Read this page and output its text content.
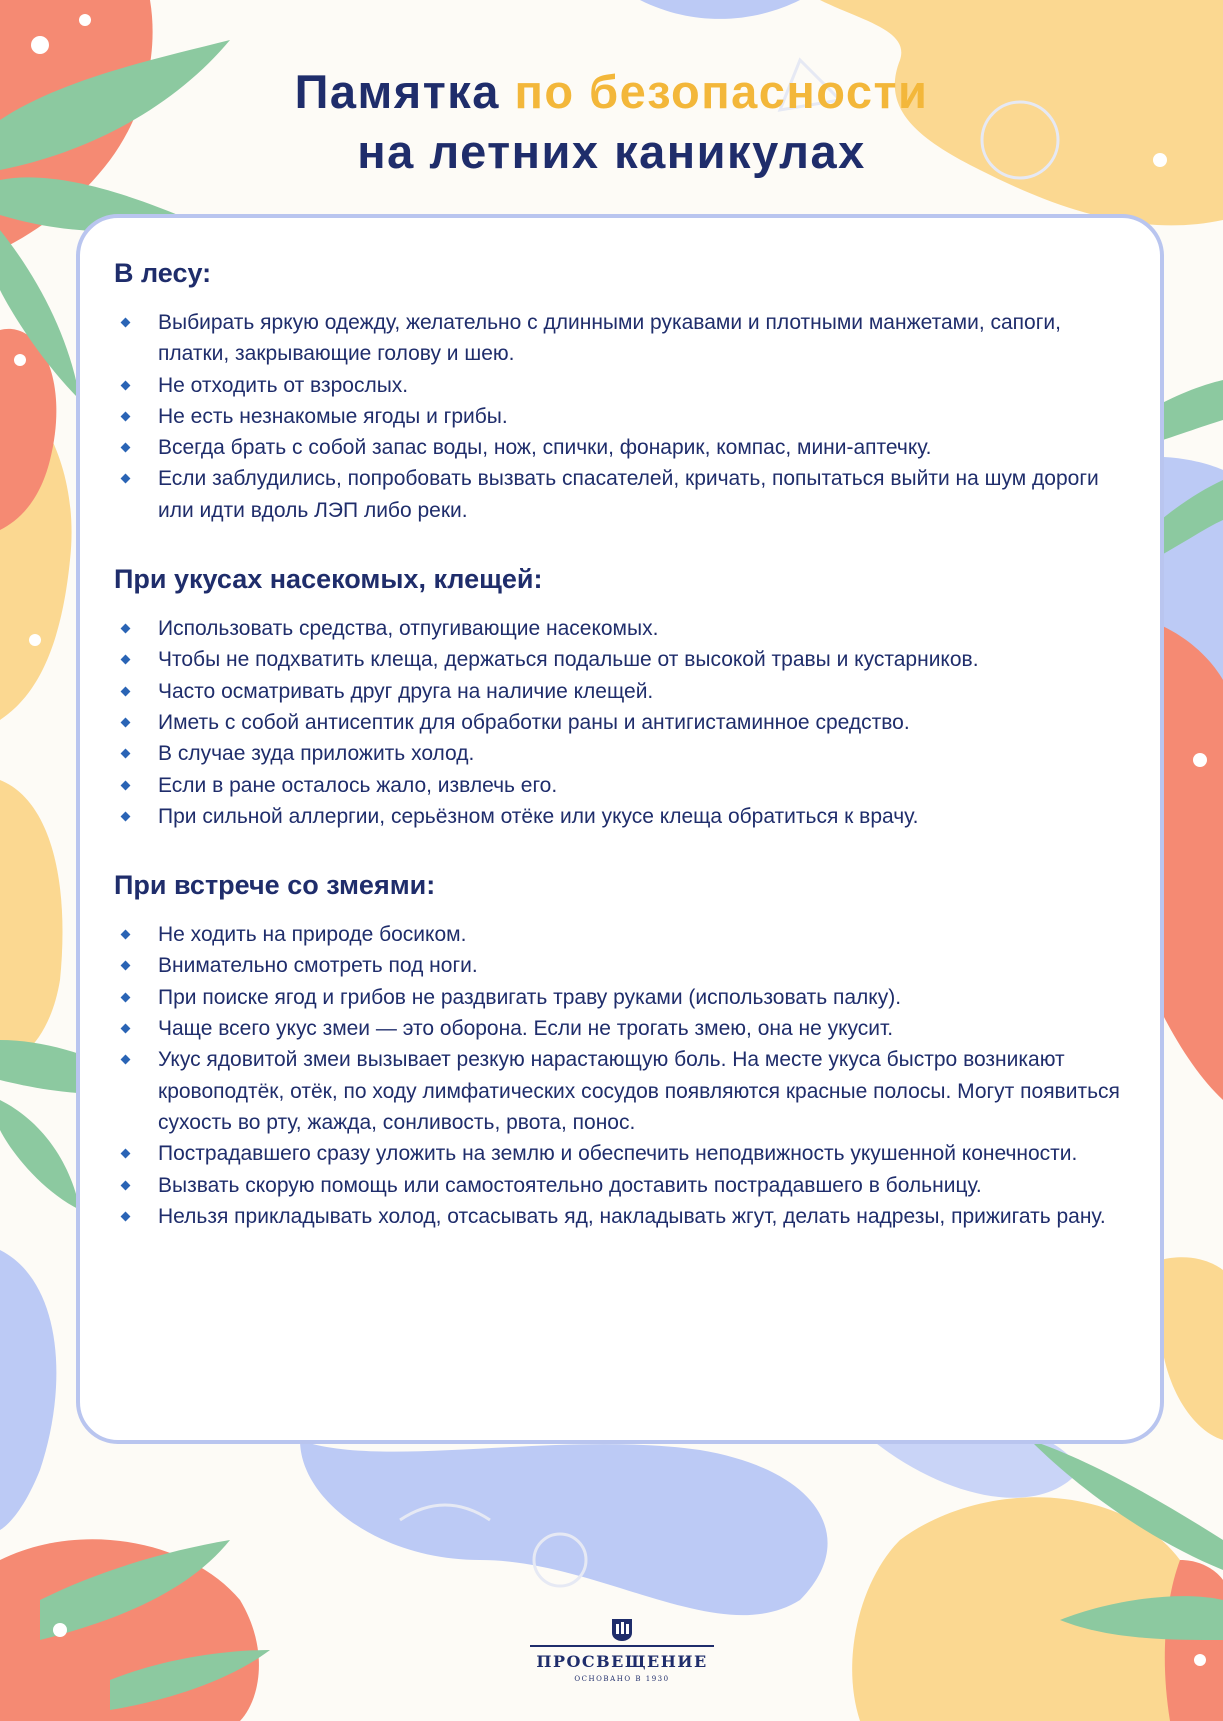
Памятка по безопасности
на летних каникулах
В лесу:
Выбирать яркую одежду, желательно с длинными рукавами и плотными манжетами, сапоги, платки, закрывающие голову и шею.
Не отходить от взрослых.
Не есть незнакомые ягоды и грибы.
Всегда брать с собой запас воды, нож, спички, фонарик, компас, мини-аптечку.
Если заблудились, попробовать вызвать спасателей, кричать, попытаться выйти на шум дороги или идти вдоль ЛЭП либо реки.
При укусах насекомых, клещей:
Использовать средства, отпугивающие насекомых.
Чтобы не подхватить клеща, держаться подальше от высокой травы и кустарников.
Часто осматривать друг друга на наличие клещей.
Иметь с собой антисептик для обработки раны и антигистаминное средство.
В случае зуда приложить холод.
Если в ране осталось жало, извлечь его.
При сильной аллергии, серьёзном отёке или укусе клеща обратиться к врачу.
При встрече со змеями:
Не ходить на природе босиком.
Внимательно смотреть под ноги.
При поиске ягод и грибов не раздвигать траву руками (использовать палку).
Чаще всего укус змеи — это оборона. Если не трогать змею, она не укусит.
Укус ядовитой змеи вызывает резкую нарастающую боль. На месте укуса быстро возникают кровоподтёк, отёк, по ходу лимфатических сосудов появляются красные полосы. Могут появиться сухость во рту, жажда, сонливость, рвота, понос.
Пострадавшего сразу уложить на землю и обеспечить неподвижность укушенной конечности.
Вызвать скорую помощь или самостоятельно доставить пострадавшего в больницу.
Нельзя прикладывать холод, отсасывать яд, накладывать жгут, делать надрезы, прижигать рану.
ПРОСВЕЩЕНИЕ
ОСНОВАНО В 1930
